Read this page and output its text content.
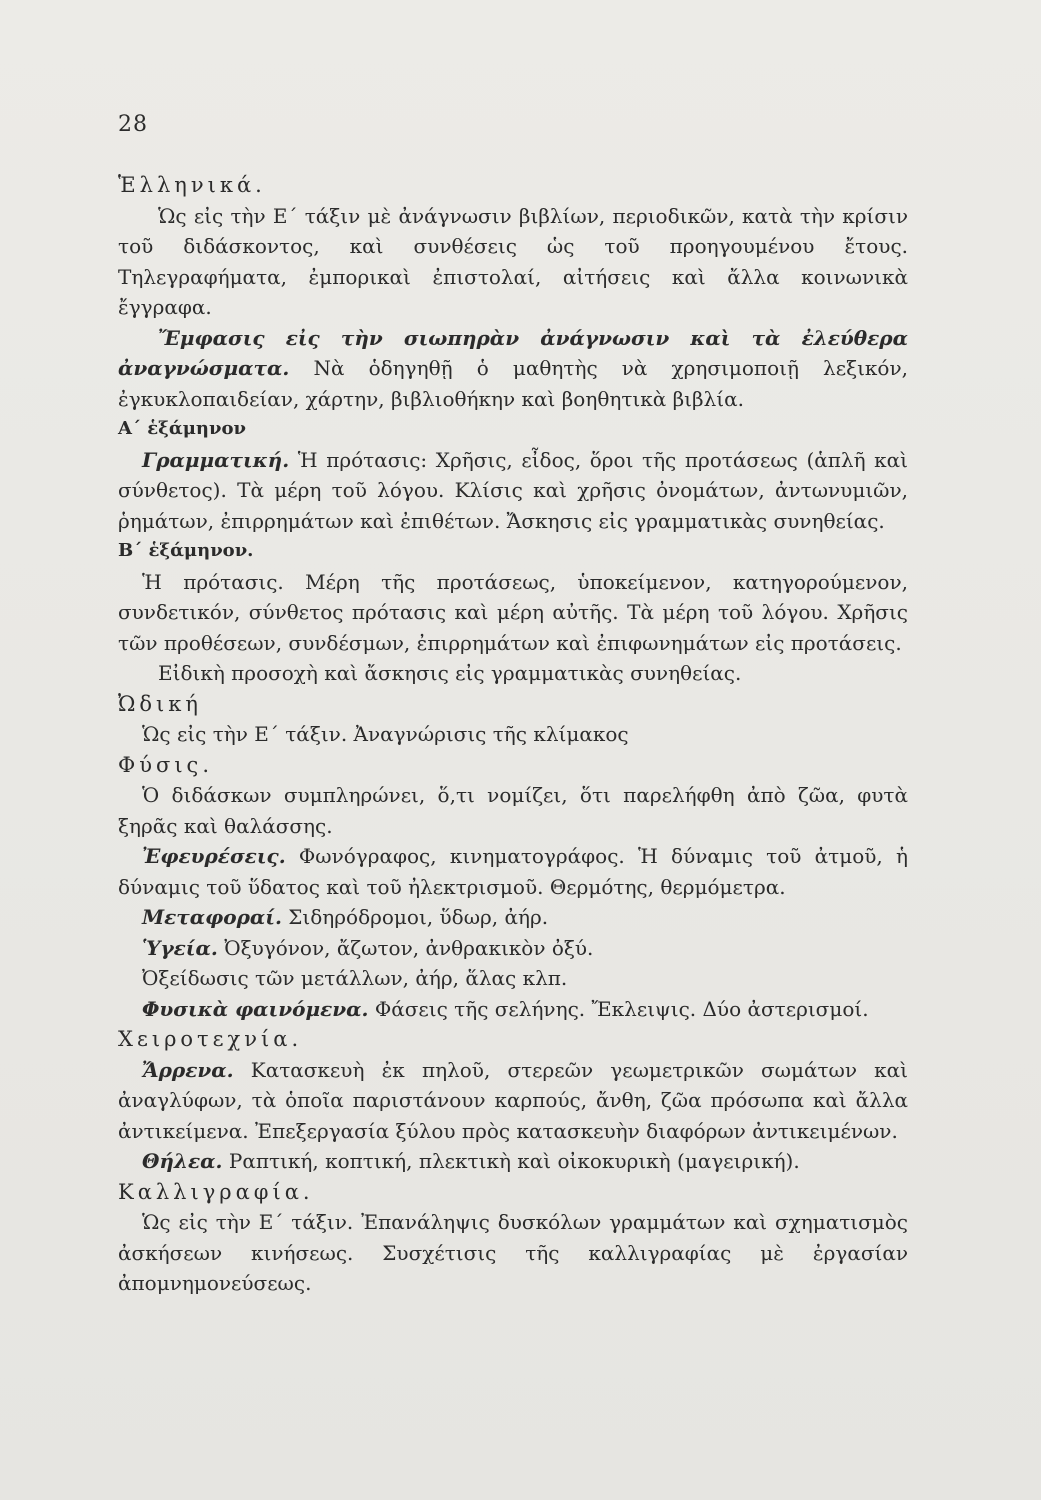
28

Ἑλληνικά.

Ὡς εἰς τὴν Ε΄ τάξιν μὲ ἀνάγνωσιν βιβλίων, περιοδικῶν, κατὰ τὴν κρίσιν τοῦ διδάσκοντος, καὶ συνθέσεις ὡς τοῦ προηγουμένου ἔτους. Τηλεγραφήματα, ἐμπορικαὶ ἐπιστολαί, αἰτήσεις καὶ ἄλλα κοινωνικὰ ἔγγραφα.

Ἔμφασις εἰς τὴν σιωπηρὰν ἀνάγνωσιν καὶ τὰ ἐλεύθερα ἀναγνώσματα. Νὰ ὁδηγηθῇ ὁ μαθητὴς νὰ χρησιμοποιῇ λεξικόν, ἐγκυκλοπαιδείαν, χάρτην, βιβλιοθήκην καὶ βοηθητικὰ βιβλία.

Α΄ ἑξάμηνον

Γραμματική. Ἡ πρότασις: Χρῆσις, εἶδος, ὅροι τῆς προτάσεως (ἁπλῆ καὶ σύνθετος). Τὰ μέρη τοῦ λόγου. Κλίσις καὶ χρῆσις ὀνομάτων, ἀντωνυμιῶν, ῥημάτων, ἐπιρρημάτων καὶ ἐπιθέτων. Ἄσκησις εἰς γραμματικὰς συνηθείας.

Β΄ ἑξάμηνον.

Ἡ πρότασις. Μέρη τῆς προτάσεως, ὑποκείμενον, κατηγορούμενον, συνδετικόν, σύνθετος πρότασις καὶ μέρη αὐτῆς. Τὰ μέρη τοῦ λόγου. Χρῆσις τῶν προθέσεων, συνδέσμων, ἐπιρρημάτων καὶ ἐπιφωνημάτων εἰς προτάσεις.

Εἰδικὴ προσοχὴ καὶ ἄσκησις εἰς γραμματικὰς συνηθείας.

Ὠδική

Ὡς εἰς τὴν Ε΄ τάξιν. Ἀναγνώρισις τῆς κλίμακος

Φύσις.

Ὁ διδάσκων συμπληρώνει, ὅ,τι νομίζει, ὅτι παρελήφθη ἀπὸ ζῶα, φυτὰ ξηρᾶς καὶ θαλάσσης.

Ἐφευρέσεις. Φωνόγραφος, κινηματογράφος. Ἡ δύναμις τοῦ ἀτμοῦ, ἡ δύναμις τοῦ ὕδατος καὶ τοῦ ἠλεκτρισμοῦ. Θερμότης, θερμόμετρα.

Μεταφοραί. Σιδηρόδρομοι, ὕδωρ, ἀήρ.

Ὑγεία. Ὀξυγόνον, ἄζωτον, ἀνθρακικὸν ὀξύ.

Ὀξείδωσις τῶν μετάλλων, ἀήρ, ἅλας κλπ.

Φυσικὰ φαινόμενα. Φάσεις τῆς σελήνης. Ἔκλειψις. Δύο ἀστερισμοί.

Χειροτεχνία.

Ἄρρενα. Κατασκευὴ ἐκ πηλοῦ, στερεῶν γεωμετρικῶν σωμάτων καὶ ἀναγλύφων, τὰ ὁποῖα παριστάνουν καρπούς, ἄνθη, ζῶα πρόσωπα καὶ ἄλλα ἀντικείμενα. Ἐπεξεργασία ξύλου πρὸς κατασκευὴν διαφόρων ἀντικειμένων.

Θήλεα. Ραπτική, κοπτική, πλεκτικὴ καὶ οἰκοκυρικὴ (μαγειρική).

Καλλιγραφία.

Ὡς εἰς τὴν Ε΄ τάξιν. Ἐπανάληψις δυσκόλων γραμμάτων καὶ σχηματισμὸς ἀσκήσεων κινήσεως. Συσχέτισις τῆς καλλιγραφίας μὲ ἐργασίαν ἀπομνημονεύσεως.
